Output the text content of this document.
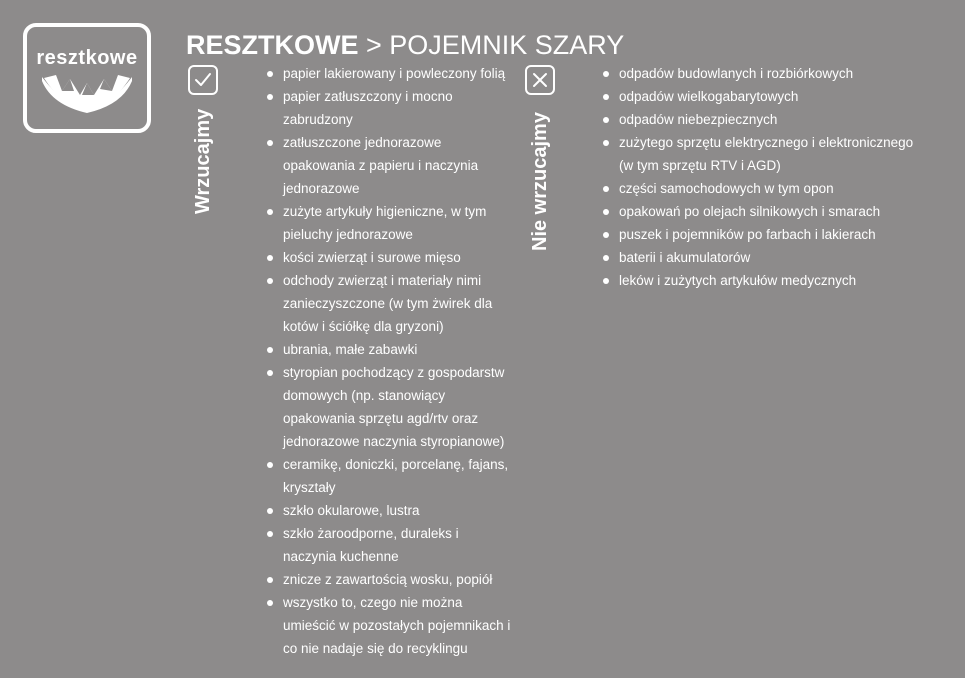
resztkowe	RESZTKOWE > POJEMNIK SZARY
Wrzucajmy
papier lakierowany i powleczony folią
papier zatłuszczony i mocno zabrudzony
zatłuszczone jednorazowe opakowania z papieru i naczynia jednorazowe
zużyte artykuły higieniczne, w tym pieluchy jednorazowe
kości zwierząt i surowe mięso
odchody zwierząt i materiały nimi zanieczyszczone (w tym żwirek dla kotów i ściółkę dla gryzoni)
ubrania, małe zabawki
styropian pochodzący z gospodarstw domowych (np. stanowiący opakowania sprzętu agd/rtv oraz jednorazowe naczynia styropianowe)
ceramikę, doniczki, porcelanę, fajans, kryształy
szkło okularowe, lustra
szkło żaroodporne, duraleks i naczynia kuchenne
znicze z zawartością wosku, popiół
wszystko to, czego nie można umieścić w pozostałych pojemnikach i co nie nadaje się do recyklingu
Nie wrzucajmy
odpadów budowlanych i rozbiórkowych
odpadów wielkogabarytowych
odpadów niebezpiecznych
zużytego sprzętu elektrycznego i elektronicznego (w tym sprzętu RTV i AGD)
części samochodowych w tym opon
opakowań po olejach silnikowych i smarach
puszek i pojemników po farbach i lakierach
baterii i akumulatorów
leków i zużytych artykułów medycznych
